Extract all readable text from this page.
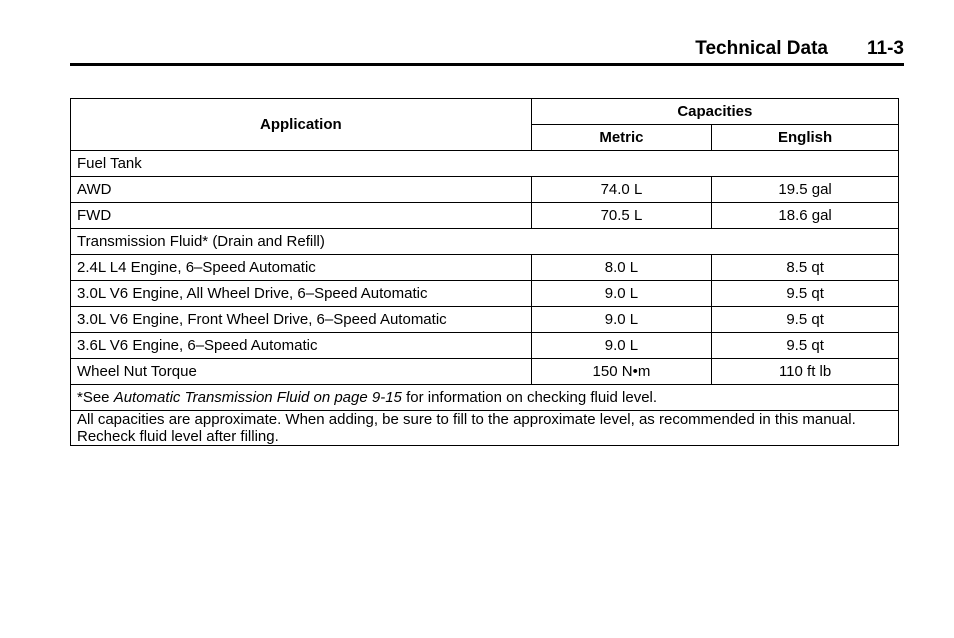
Technical Data 11-3
Application	Capacities	
	Metric	English
Fuel Tank		
AWD	74.0 L	19.5 gal
FWD	70.5 L	18.6 gal
Transmission Fluid* (Drain and Refill)		
2.4L L4 Engine, 6–Speed Automatic	8.0 L	8.5 qt
3.0L V6 Engine, All Wheel Drive, 6–Speed Automatic	9.0 L	9.5 qt
3.0L V6 Engine, Front Wheel Drive, 6–Speed Automatic	9.0 L	9.5 qt
3.6L V6 Engine, 6–Speed Automatic	9.0 L	9.5 qt
Wheel Nut Torque	150 N•m	110 ft lb
*See Automatic Transmission Fluid on page 9‑15 for information on checking fluid level.		
All capacities are approximate. When adding, be sure to fill to the approximate level, as recommended in this manual. Recheck fluid level after filling.		
